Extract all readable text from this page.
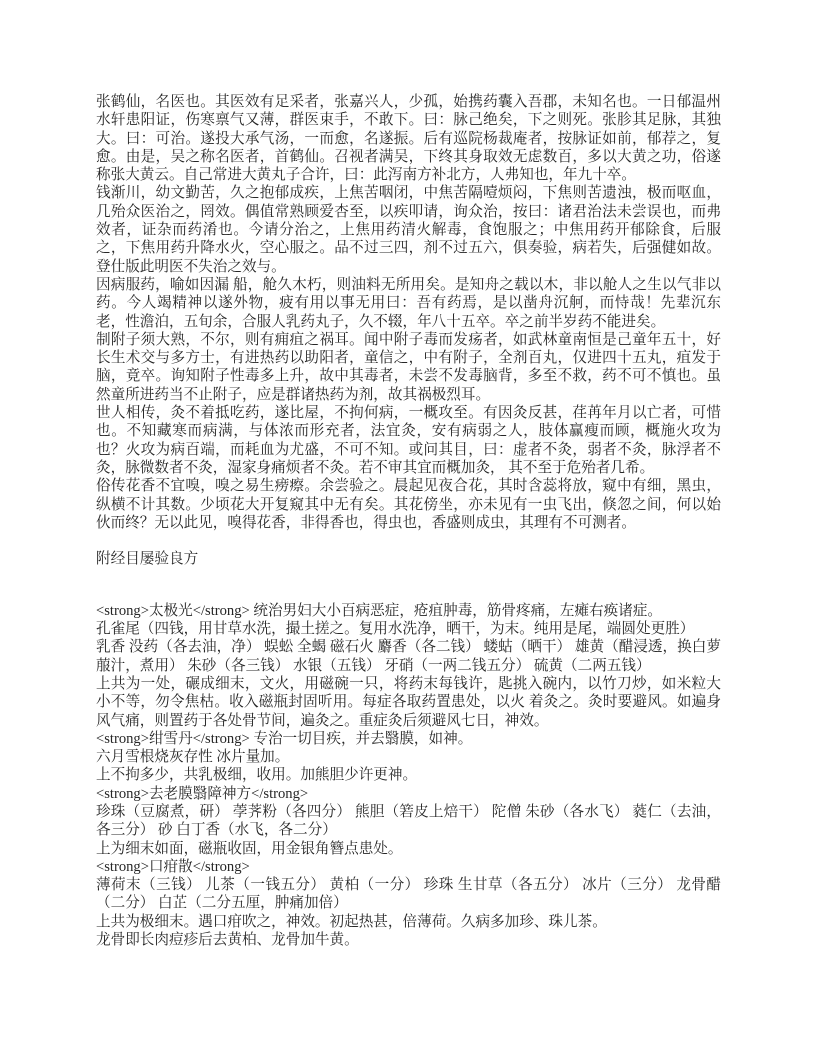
张鹤仙，名医也。其医效有足采者，张嘉兴人，少孤，始携药囊入吾郡，未知名也。一日郁温州水轩患阳证，伤寒禀气又薄，群医束手，不敢下。曰：脉己绝矣，下之则死。张胗其足脉，其独大。曰：可治。遂投大承气汤，一而愈，名遂振。后有巡院杨裁庵者，按脉证如前，郁荐之，复愈。由是，吴之称名医者，首鹤仙。召视者满吴，下终其身取效无虑数百，多以大黄之功，俗遂称张大黄云。自己常进大黄丸子合许，曰：此泻南方补北方，人弗知也，年九十卒。

钱渐川，幼文勤苦，久之抱郁成疾，上焦苦咽闭，中焦苦隔噎烦闷，下焦则苦遗浊，极而呕血，几殆众医治之，罔效。偶值常熟顾爱杏至，以疾叩请，询众治，按曰：诸君治法未尝误也，而弗效者，证杂而药淆也。今请分治之，上焦用药清火解毒，食饱服之；中焦用药开郁除食，后服之，下焦用药升降水火，空心服之。品不过三四，剂不过五六，俱奏验，病若失，后强健如故。登仕版此明医不失治之效与。

因病服药，喻如因漏 船，舱久木朽，则油料无所用矣。是知舟之载以木，非以舱人之生以气非以药。今人竭精神以遂外物，疲有用以事无用曰：吾有药焉，是以凿舟沉舸，而恃哉！先辈沉东老，性澹泊，五旬余，合服人乳药丸子，久不辍，年八十五卒。卒之前半岁药不能进矣。

制附子须大熟，不尔，则有痈疽之祸耳。闻中附子毒而发疡者，如武林童南恒是己童年五十，好长生术交与多方士，有进热药以助阳者，童信之，中有附子，全剂百丸，仅进四十五丸，疽发于脑，竟卒。询知附子性毒多上升，故中其毒者，未尝不发毒脑背，多至不救，药不可不慎也。虽然童所进药当不止附子，应是群诸热药为剂，故其祸极烈耳。

世人相传，灸不着抵吃药，遂比屋，不拘何病，一概攻至。有因灸反甚，荏苒年月以亡者，可惜也。不知藏寒而病满，与体浓而形充者，法宜灸，安有病弱之人，肢体赢瘦而顾，概施火攻为也？火攻为病百端，而耗血为尤盛，不可不知。或问其目，曰：虚者不灸，弱者不灸，脉浮者不灸，脉微数者不灸，湿家身痛烦者不灸。若不审其宜而概加灸， 其不至于危殆者几希。

俗传花香不宜嗅，嗅之易生痨瘵。余尝验之。晨起见夜合花，其时含蕊将放，窥中有细，黑虫，纵横不计其数。少顷花大开复窥其中无有矣。其花傍坐，亦未见有一虫飞出，倏忽之间，何以始伙而终？无以此见，嗅得花香，非得香也，得虫也，香盛则成虫，其理有不可测者。

附经目屡验良方

<strong>太极光</strong> 统治男妇大小百病恶症，疮疽肿毒，筋骨疼痛，左瘫右痪诸症。

孔雀尾（四钱，用甘草水洗，撮土搓之。复用水洗净，晒干，为末。纯用是尾，端圆处更胜）

乳香 没药（各去油，净） 蜈蚣 全蝎 磁石火 麝香（各二钱） 蝼蛄（晒干） 雄黄（醋浸透，换白萝菔汁，煮用） 朱砂（各三钱） 水银（五钱） 牙硝（一两二钱五分） 硫黄（二两五钱）

上共为一处，碾成细末，文火，用磁碗一只，将药末每钱许，匙挑入碗内，以竹刀炒，如米粒大小不等，勿令焦枯。收入磁瓶封固听用。每症各取药置患处，以火 着灸之。灸时要避风。如遍身风气痛，则置药于各处骨节间，遍灸之。重症灸后须避风七日，神效。

<strong>绀雪丹</strong> 专治一切目疾，并去翳膜，如神。

六月雪根烧灰存性 冰片量加。

上不拘多少，共乳极细，收用。加熊胆少许更神。

<strong>去老膜翳障神方</strong>

珍珠（豆腐煮，研） 荸荠粉（各四分） 熊胆（箬皮上焙干） 陀僧 朱砂（各水飞） 蕤仁（去油，各三分） 砂 白丁香（水飞，各二分）

上为细末如面，磁瓶收固，用金银角簪点患处。

<strong>口疳散</strong>

薄荷末（三钱） 儿茶（一钱五分） 黄柏（一分） 珍珠 生甘草（各五分） 冰片（三分） 龙骨醋（二分） 白芷（二分五厘，肿痛加倍）

上共为极细末。遇口疳吹之，神效。初起热甚，倍薄荷。久病多加珍、珠儿茶。

龙骨即长肉痘疹后去黄柏、龙骨加牛黄。
